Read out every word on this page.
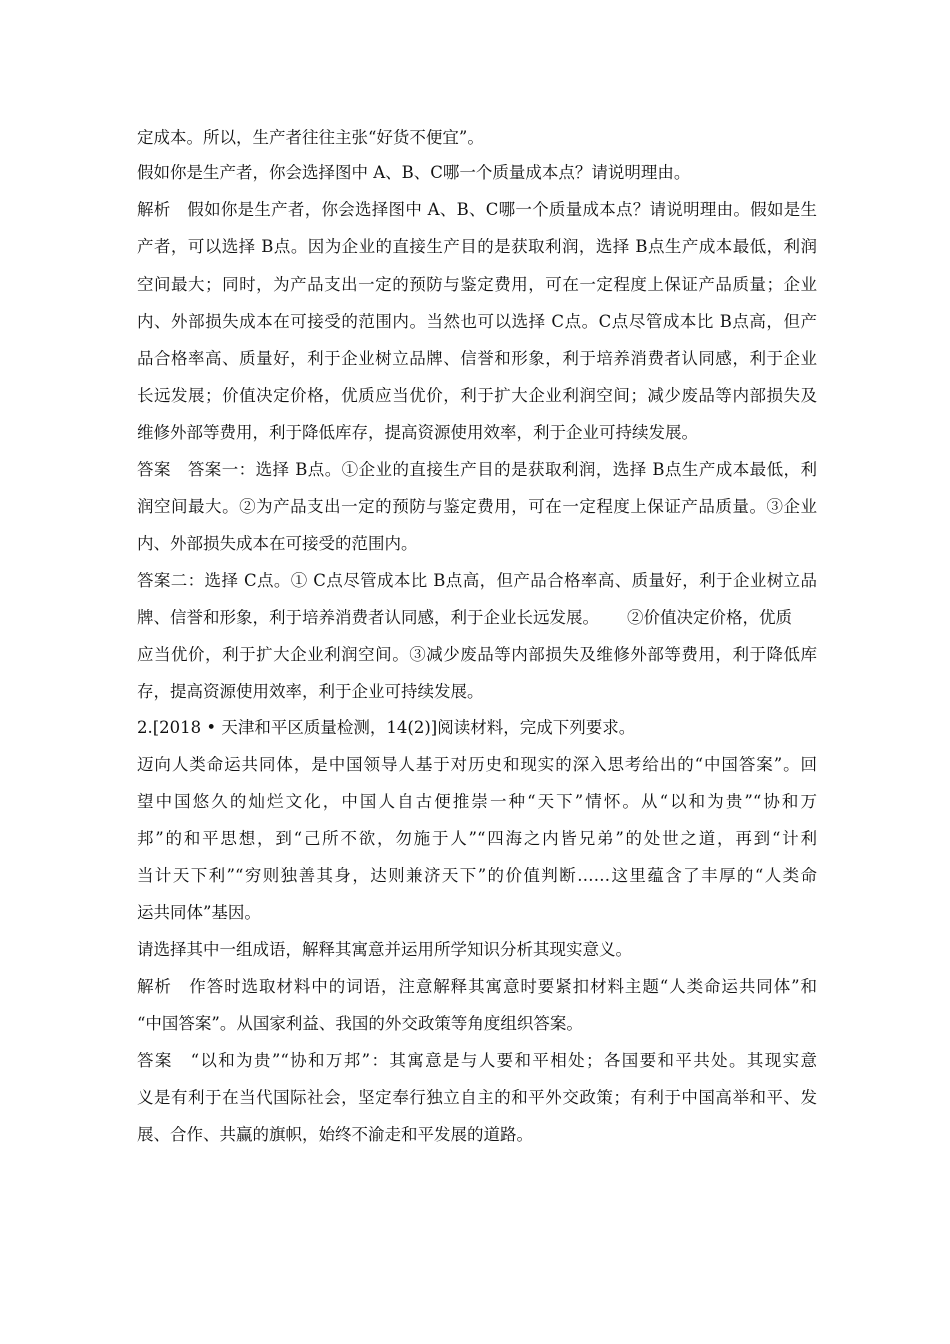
定成本。所以，生产者往往主张“好货不便宜”。
假如你是生产者，你会选择图中 A、B、C哪一个质量成本点？请说明理由。
解析　假如你是生产者，你会选择图中 A、B、C哪一个质量成本点？请说明理由。假如是生
产者，可以选择 B点。因为企业的直接生产目的是获取利润，选择 B点生产成本最低，利润
空间最大；同时，为产品支出一定的预防与鉴定费用，可在一定程度上保证产品质量；企业
内、外部损失成本在可接受的范围内。当然也可以选择 C点。C点尽管成本比 B点高，但产
品合格率高、质量好，利于企业树立品牌、信誉和形象，利于培养消费者认同感，利于企业
长远发展；价值决定价格，优质应当优价，利于扩大企业利润空间；减少废品等内部损失及
维修外部等费用，利于降低库存，提高资源使用效率，利于企业可持续发展。
答案　答案一：选择 B点。①企业的直接生产目的是获取利润，选择 B点生产成本最低，利
润空间最大。②为产品支出一定的预防与鉴定费用，可在一定程度上保证产品质量。③企业
内、外部损失成本在可接受的范围内。
答案二：选择 C点。① C点尽管成本比 B点高，但产品合格率高、质量好，利于企业树立品
牌、信誉和形象，利于培养消费者认同感，利于企业长远发展。 ②价值决定价格，优质
应当优价，利于扩大企业利润空间。③减少废品等内部损失及维修外部等费用，利于降低库
存，提高资源使用效率，利于企业可持续发展。
2.[2018 • 天津和平区质量检测，14(2)]阅读材料，完成下列要求。
迈向人类命运共同体，是中国领导人基于对历史和现实的深入思考给出的“中国答案”。回
望中国悠久的灿烂文化，中国人自古便推崇一种“天下”情怀。从“以和为贵”“协和万
邦”的和平思想，到“己所不欲，勿施于人”“四海之内皆兄弟”的处世之道，再到“计利
当计天下利”“穷则独善其身，达则兼济天下”的价值判断……这里蕴含了丰厚的“人类命
运共同体”基因。
请选择其中一组成语，解释其寓意并运用所学知识分析其现实意义。
解析　作答时选取材料中的词语，注意解释其寓意时要紧扣材料主题“人类命运共同体”和
“中国答案”。从国家利益、我国的外交政策等角度组织答案。
答案　“以和为贵”“协和万邦”：其寓意是与人要和平相处；各国要和平共处。其现实意
义是有利于在当代国际社会，坚定奉行独立自主的和平外交政策；有利于中国高举和平、发
展、合作、共赢的旗帜，始终不渝走和平发展的道路。
